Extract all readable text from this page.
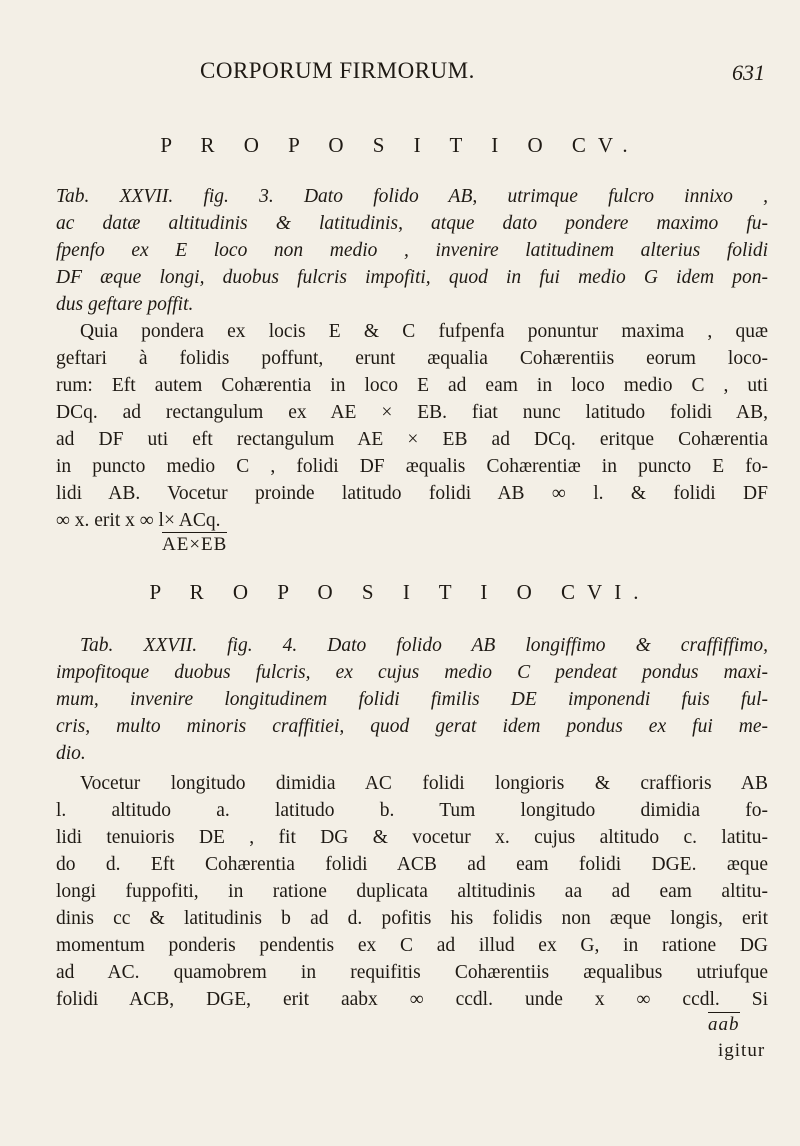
CORPORUM FIRMORUM.	631
P R O P O S I T I O CV.

Tab. XXVII. fig. 3. Dato folido AB, utrimque fulcro innixo ,

ac datæ altitudinis & latitudinis, atque dato pondere maximo fu-

fpenfo ex E loco non medio , invenire latitudinem alterius folidi

DF æque longi, duobus fulcris impofiti, quod in fui medio G idem pon-

dus geftare poffit.

Quia pondera ex locis E & C fufpenfa ponuntur maxima , quæ

geftari à folidis poffunt, erunt æqualia Cohærentiis eorum loco-

rum: Eft autem Cohærentia in loco E ad eam in loco medio C , uti

DCq. ad rectangulum ex AE × EB. fiat nunc latitudo folidi AB,

ad DF uti eft rectangulum AE × EB ad DCq. eritque Cohærentia

in puncto medio C , folidi DF æqualis Cohærentiæ in puncto E fo-

lidi AB. Vocetur proinde latitudo folidi AB ∞ l. & folidi DF

∞ x. erit x ∞ l× ACq.

AE×EB
P R O P O S I T I O CVI.

Tab. XXVII. fig. 4. Dato folido AB longiffimo & craffiffimo,

impofitoque duobus fulcris, ex cujus medio C pendeat pondus maxi-

mum, invenire longitudinem folidi fimilis DE imponendi fuis ful-

cris, multo minoris craffitiei, quod gerat idem pondus ex fui me-

dio.

Vocetur longitudo dimidia AC folidi longioris & craffioris AB

l. altitudo a. latitudo b. Tum longitudo dimidia fo-

lidi tenuioris DE , fit DG & vocetur x. cujus altitudo c. latitu-

do d. Eft Cohærentia folidi ACB ad eam folidi DGE. æque

longi fuppofiti, in ratione duplicata altitudinis aa ad eam altitu-

dinis cc & latitudinis b ad d. pofitis his folidis non æque longis, erit

momentum ponderis pendentis ex C ad illud ex G, in ratione DG

ad AC. quamobrem in requifitis Cohærentiis æqualibus utriufque

folidi ACB, DGE, erit aabx ∞ ccdl. unde x ∞ ccdl. Si

aab
igitur
